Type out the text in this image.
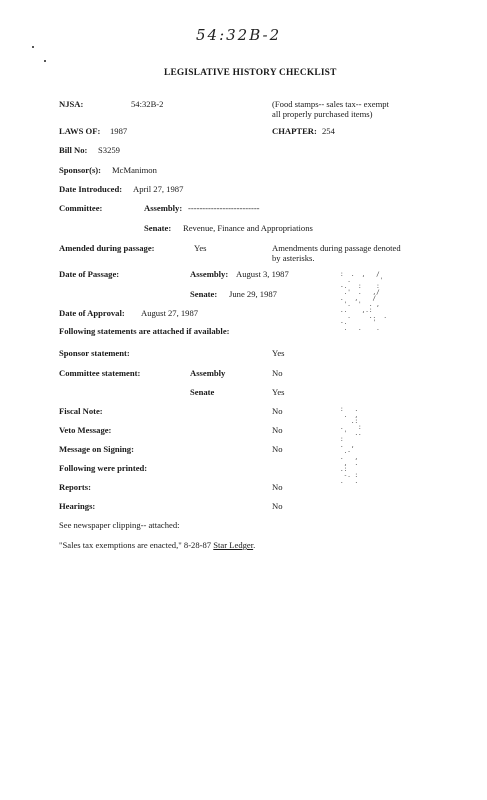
54:32B-2
LEGISLATIVE HISTORY CHECKLIST
NJSA:	54:32B-2	(Food stamps-- sales tax-- exempt
all properly purchased items)
LAWS OF: 1987	CHAPTER: 254
Bill No: S3259
Sponsor(s): McManimon
Date Introduced: April 27, 1987
Committee:	Assembly: -------------------------
Senate: Revenue, Finance and Appropriations
Amended during passage:	Yes	Amendments during passage denoted
by asterisks.
Date of Passage:	Assembly: August 3, 1987
Senate: June 29, 1987
Date of Approval: August 27, 1987
Following statements are attached if available:
Sponsor statement:	Yes
Committee statement:	Assembly	No
Senate	Yes
Fiscal Note:	No
Veto Message:	No
Message on Signing:	No
Following were printed:
Reports:	No
Hearings:	No
See newspaper clipping-- attached:
"Sales tax exemptions are enacted," 8-28-87 Star Ledger.
:  .  ,   /
.        '
-.   :    :
.'  .   ,/
.   ,    /
'.  '  . ,
..    ,.:
.     ..  .
-.       '
.   .    .
:   .
.  ,
.:
.    :
'  ..
:
.  ,
.-
.   ,
,  .
.:
-. :
.   .
